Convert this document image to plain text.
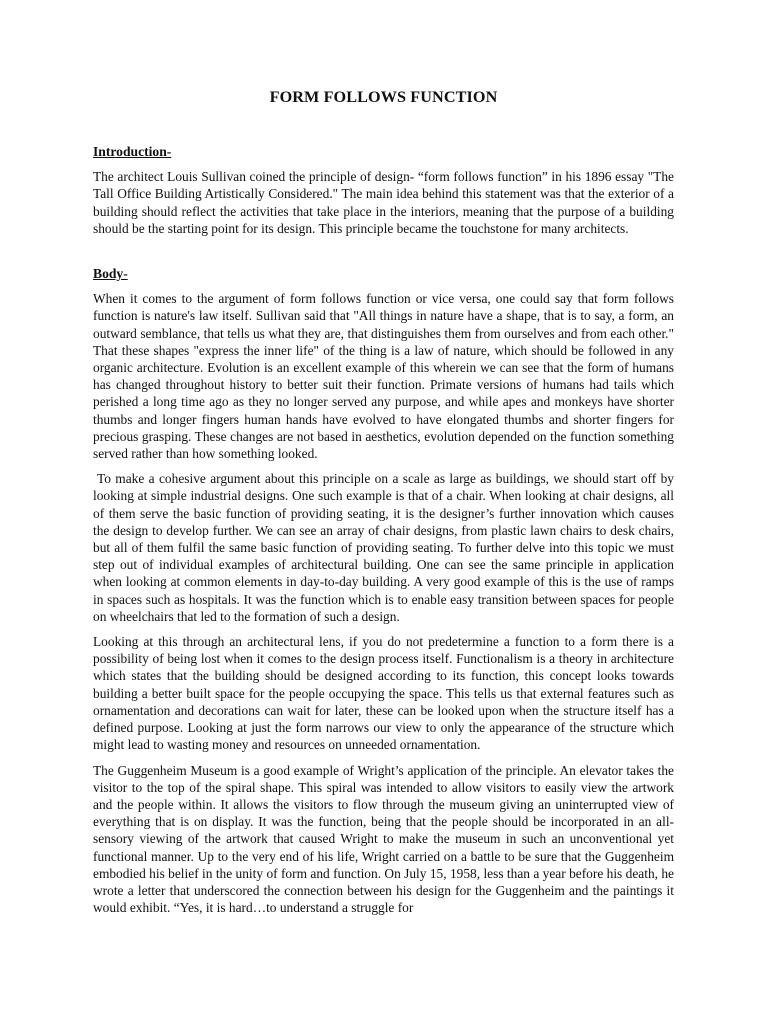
FORM FOLLOWS FUNCTION
Introduction-

The architect Louis Sullivan coined the principle of design- “form follows function” in his 1896 essay "The Tall Office Building Artistically Considered." The main idea behind this statement was that the exterior of a building should reflect the activities that take place in the interiors, meaning that the purpose of a building should be the starting point for its design. This principle became the touchstone for many architects.

Body-

When it comes to the argument of form follows function or vice versa, one could say that form follows function is nature's law itself. Sullivan said that "All things in nature have a shape, that is to say, a form, an outward semblance, that tells us what they are, that distinguishes them from ourselves and from each other." That these shapes "express the inner life" of the thing is a law of nature, which should be followed in any organic architecture. Evolution is an excellent example of this wherein we can see that the form of humans has changed throughout history to better suit their function. Primate versions of humans had tails which perished a long time ago as they no longer served any purpose, and while apes and monkeys have shorter thumbs and longer fingers human hands have evolved to have elongated thumbs and shorter fingers for precious grasping. These changes are not based in aesthetics, evolution depended on the function something served rather than how something looked.

To make a cohesive argument about this principle on a scale as large as buildings, we should start off by looking at simple industrial designs. One such example is that of a chair. When looking at chair designs, all of them serve the basic function of providing seating, it is the designer’s further innovation which causes the design to develop further. We can see an array of chair designs, from plastic lawn chairs to desk chairs, but all of them fulfil the same basic function of providing seating. To further delve into this topic we must step out of individual examples of architectural building. One can see the same principle in application when looking at common elements in day-to-day building. A very good example of this is the use of ramps in spaces such as hospitals. It was the function which is to enable easy transition between spaces for people on wheelchairs that led to the formation of such a design.

Looking at this through an architectural lens, if you do not predetermine a function to a form there is a possibility of being lost when it comes to the design process itself. Functionalism is a theory in architecture which states that the building should be designed according to its function, this concept looks towards building a better built space for the people occupying the space. This tells us that external features such as ornamentation and decorations can wait for later, these can be looked upon when the structure itself has a defined purpose. Looking at just the form narrows our view to only the appearance of the structure which might lead to wasting money and resources on unneeded ornamentation.

The Guggenheim Museum is a good example of Wright’s application of the principle. An elevator takes the visitor to the top of the spiral shape. This spiral was intended to allow visitors to easily view the artwork and the people within. It allows the visitors to flow through the museum giving an uninterrupted view of everything that is on display. It was the function, being that the people should be incorporated in an all-sensory viewing of the artwork that caused Wright to make the museum in such an unconventional yet functional manner. Up to the very end of his life, Wright carried on a battle to be sure that the Guggenheim embodied his belief in the unity of form and function. On July 15, 1958, less than a year before his death, he wrote a letter that underscored the connection between his design for the Guggenheim and the paintings it would exhibit. “Yes, it is hard…to understand a struggle for
